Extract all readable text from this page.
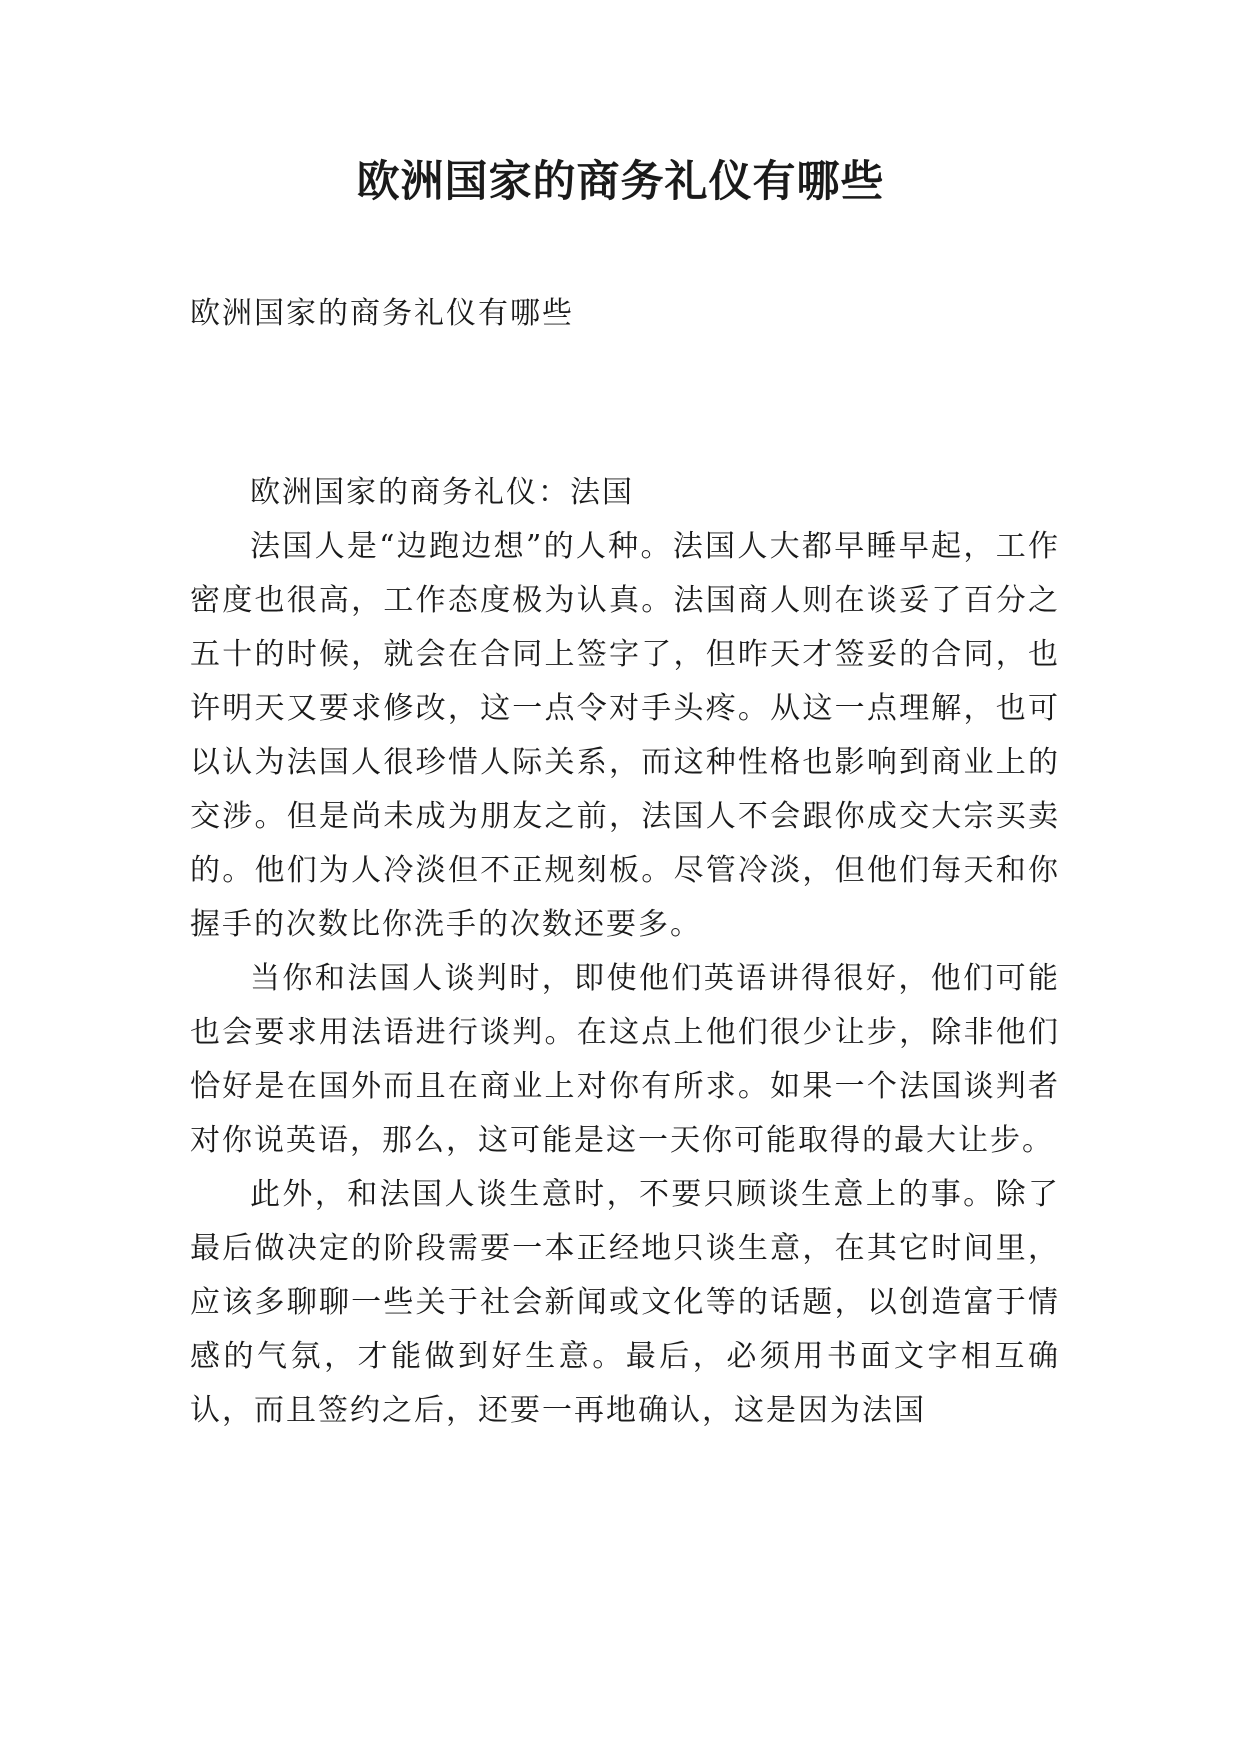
欧洲国家的商务礼仪有哪些

欧洲国家的商务礼仪有哪些

欧洲国家的商务礼仪：法国

法国人是“边跑边想”的人种。法国人大都早睡早起，工作密度也很高，工作态度极为认真。法国商人则在谈妥了百分之五十的时候，就会在合同上签字了，但昨天才签妥的合同，也许明天又要求修改，这一点令对手头疼。从这一点理解，也可以认为法国人很珍惜人际关系，而这种性格也影响到商业上的交涉。但是尚未成为朋友之前，法国人不会跟你成交大宗买卖的。他们为人冷淡但不正规刻板。尽管冷淡，但他们每天和你握手的次数比你洗手的次数还要多。

当你和法国人谈判时，即使他们英语讲得很好，他们可能也会要求用法语进行谈判。在这点上他们很少让步，除非他们恰好是在国外而且在商业上对你有所求。如果一个法国谈判者对你说英语，那么，这可能是这一天你可能取得的最大让步。

此外，和法国人谈生意时，不要只顾谈生意上的事。除了最后做决定的阶段需要一本正经地只谈生意，在其它时间里，应该多聊聊一些关于社会新闻或文化等的话题，以创造富于情感的气氛，才能做到好生意。最后，必须用书面文字相互确认，而且签约之后，还要一再地确认，这是因为法国
